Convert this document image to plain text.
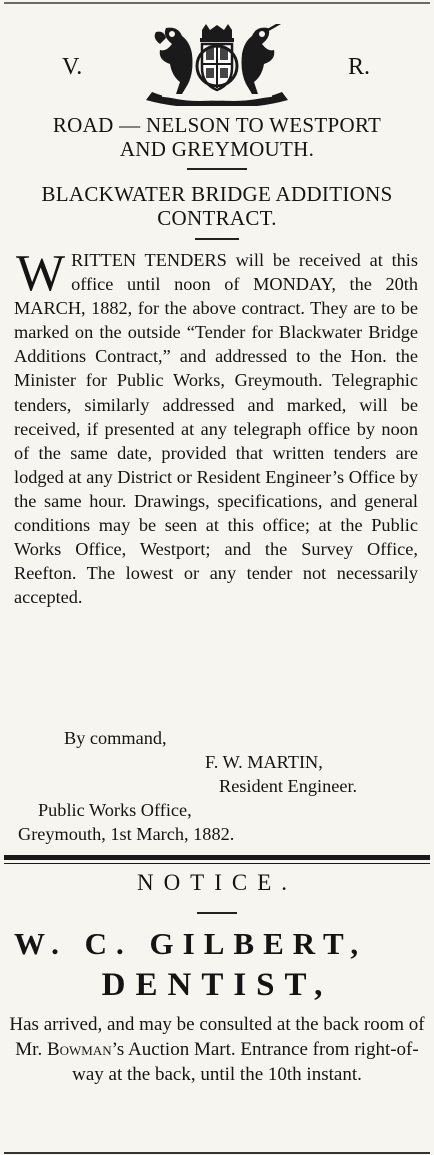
V.	R.
ROAD — NELSON TO WESTPORT
AND GREYMOUTH.
BLACKWATER BRIDGE ADDITIONS
CONTRACT.
W RITTEN TENDERS will be received at this office until noon of MONDAY, the 20th MARCH, 1882, for the above contract. They are to be marked on the outside “Tender for Blackwater Bridge Additions Contract,” and addressed to the Hon. the Minister for Public Works, Greymouth. Telegraphic tenders, similarly addressed and marked, will be received, if presented at any telegraph office by noon of the same date, provided that written tenders are lodged at any District or Resident Engineer’s Office by the same hour. Drawings, specifications, and general conditions may be seen at this office; at the Public Works Office, Westport; and the Survey Office, Reefton. The lowest or any tender not necessarily accepted.
By command,
F. W. MARTIN,
Resident Engineer.
Public Works Office,
Greymouth, 1st March, 1882.
NOTICE.
W. C. GILBERT,
DENTIST,
Has arrived, and may be consulted at the back room of Mr. Bowman’s Auction Mart. Entrance from right-of-way at the back, until the 10th instant.
